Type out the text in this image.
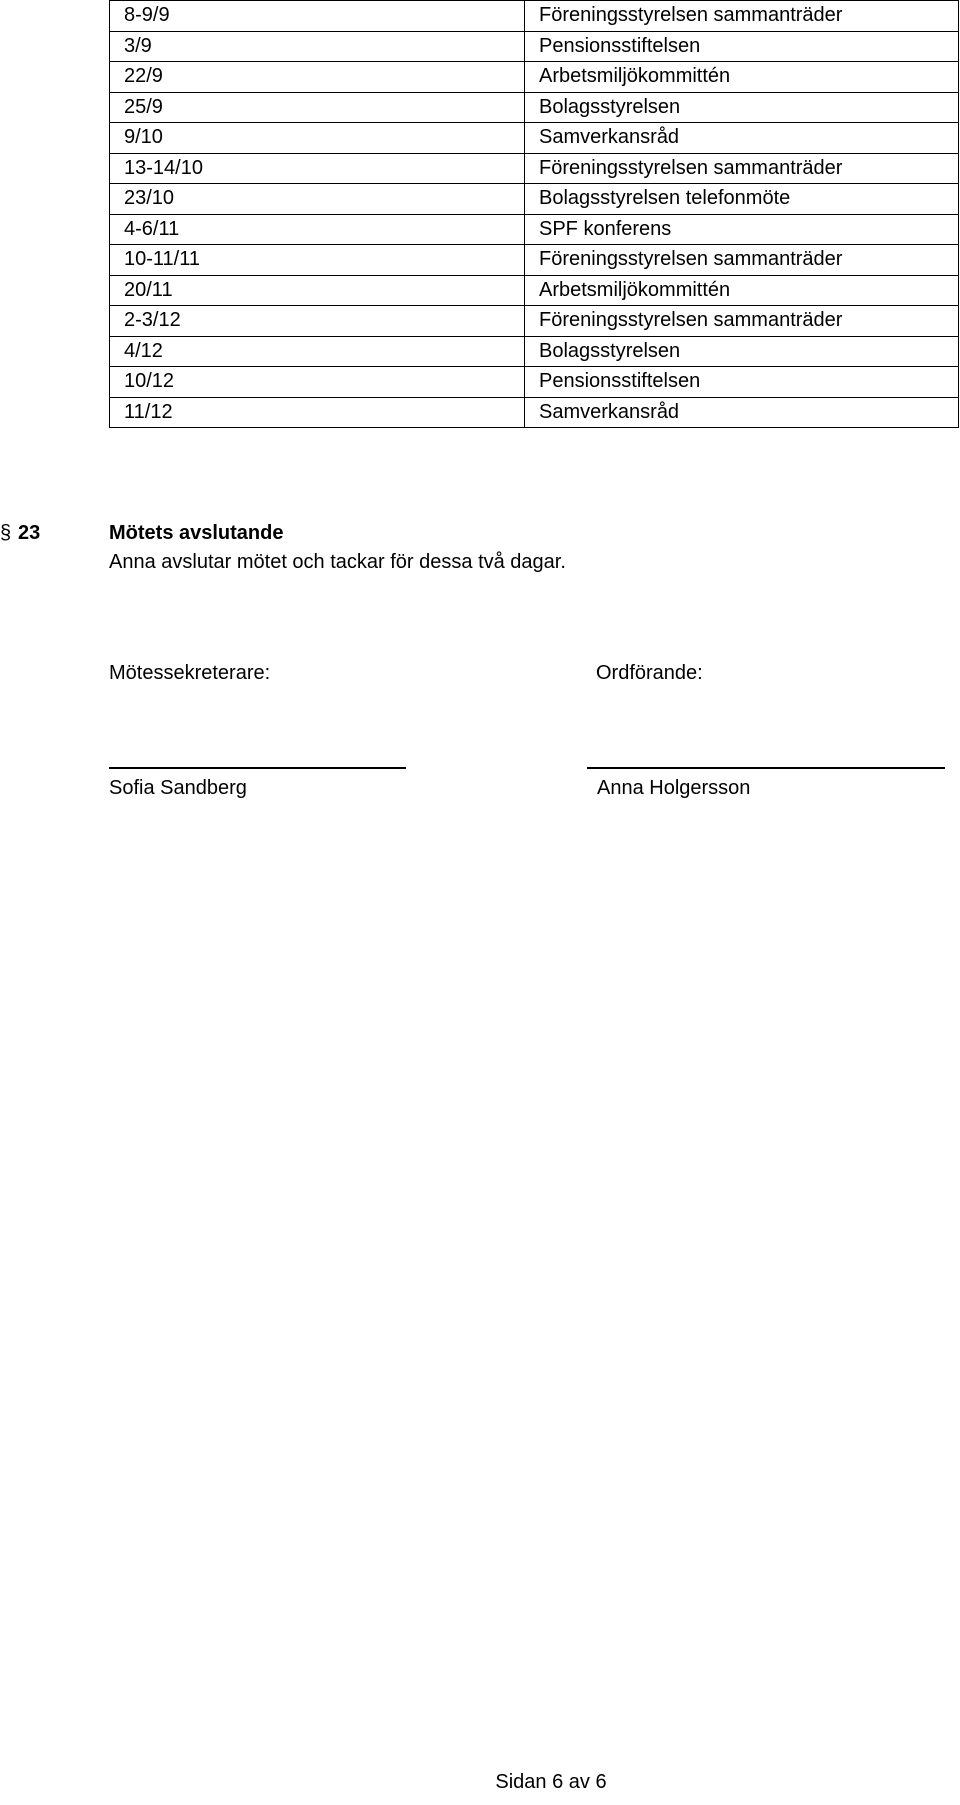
8-9/9	Föreningsstyrelsen sammanträder
3/9	Pensionsstiftelsen
22/9	Arbetsmiljökommittén
25/9	Bolagsstyrelsen
9/10	Samverkansråd
13-14/10	Föreningsstyrelsen sammanträder
23/10	Bolagsstyrelsen telefonmöte
4-6/11	SPF konferens
10-11/11	Föreningsstyrelsen sammanträder
20/11	Arbetsmiljökommittén
2-3/12	Föreningsstyrelsen sammanträder
4/12	Bolagsstyrelsen
10/12	Pensionsstiftelsen
11/12	Samverkansråd
§ 23	Mötets avslutande
Anna avslutar mötet och tackar för dessa två dagar.
Mötessekreterare:	Ordförande:
Sofia Sandberg	Anna Holgersson
Sidan 6 av 6
